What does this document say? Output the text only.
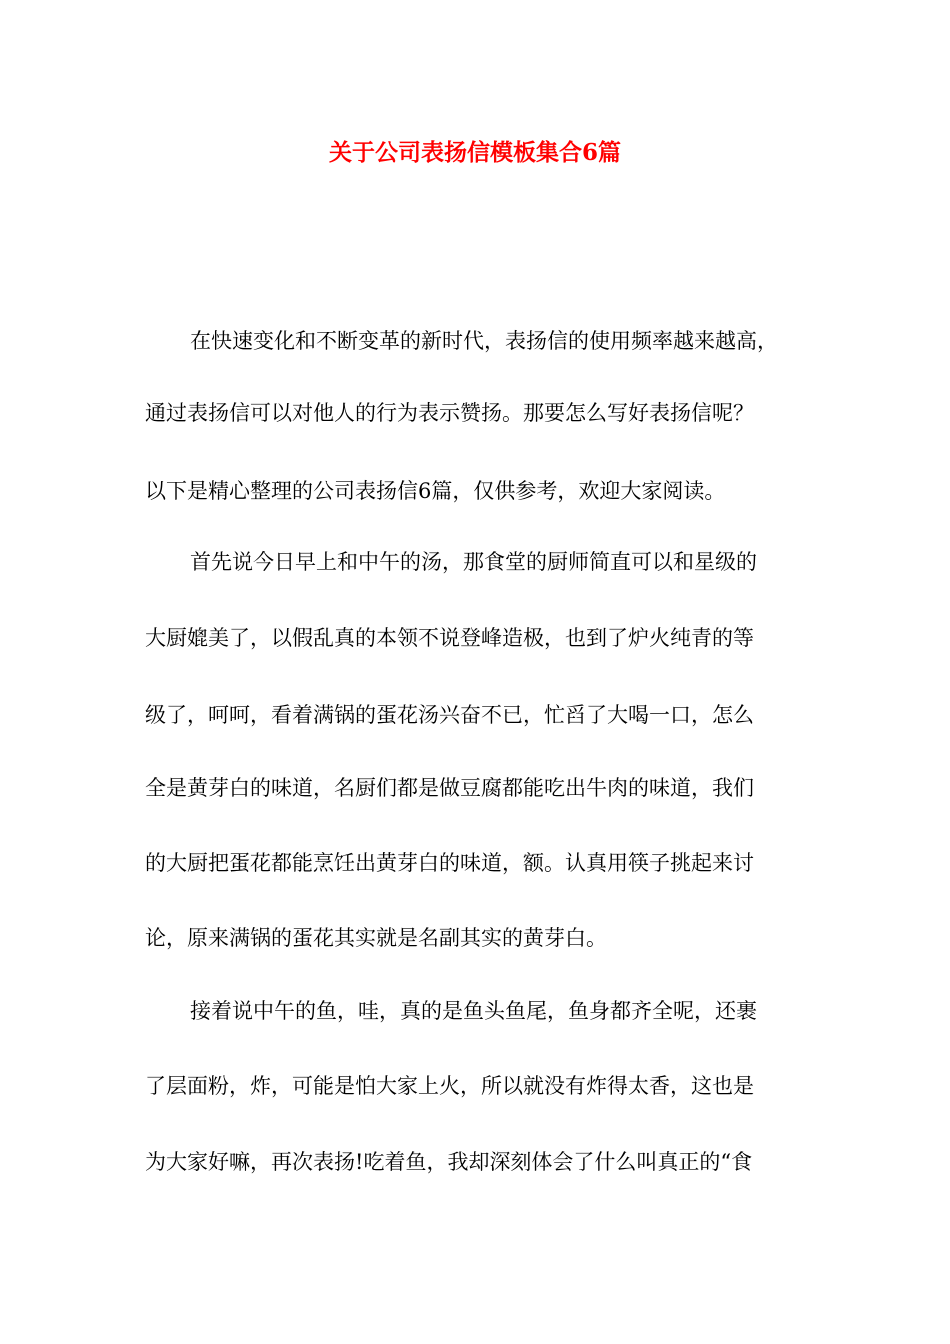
关于公司表扬信模板集合6篇

在快速变化和不断变革的新时代，表扬信的使用频率越来越高，

通过表扬信可以对他人的行为表示赞扬。那要怎么写好表扬信呢？

以下是精心整理的公司表扬信6篇，仅供参考，欢迎大家阅读。

首先说今日早上和中午的汤，那食堂的厨师简直可以和星级的

大厨媲美了，以假乱真的本领不说登峰造极，也到了炉火纯青的等

级了，呵呵，看着满锅的蛋花汤兴奋不已，忙舀了大喝一口，怎么

全是黄芽白的味道，名厨们都是做豆腐都能吃出牛肉的味道，我们

的大厨把蛋花都能烹饪出黄芽白的味道，额。认真用筷子挑起来讨

论，原来满锅的蛋花其实就是名副其实的黄芽白。

接着说中午的鱼，哇，真的是鱼头鱼尾，鱼身都齐全呢，还裹

了层面粉，炸，可能是怕大家上火，所以就没有炸得太香，这也是

为大家好嘛，再次表扬!吃着鱼，我却深刻体会了什么叫真正的“食
